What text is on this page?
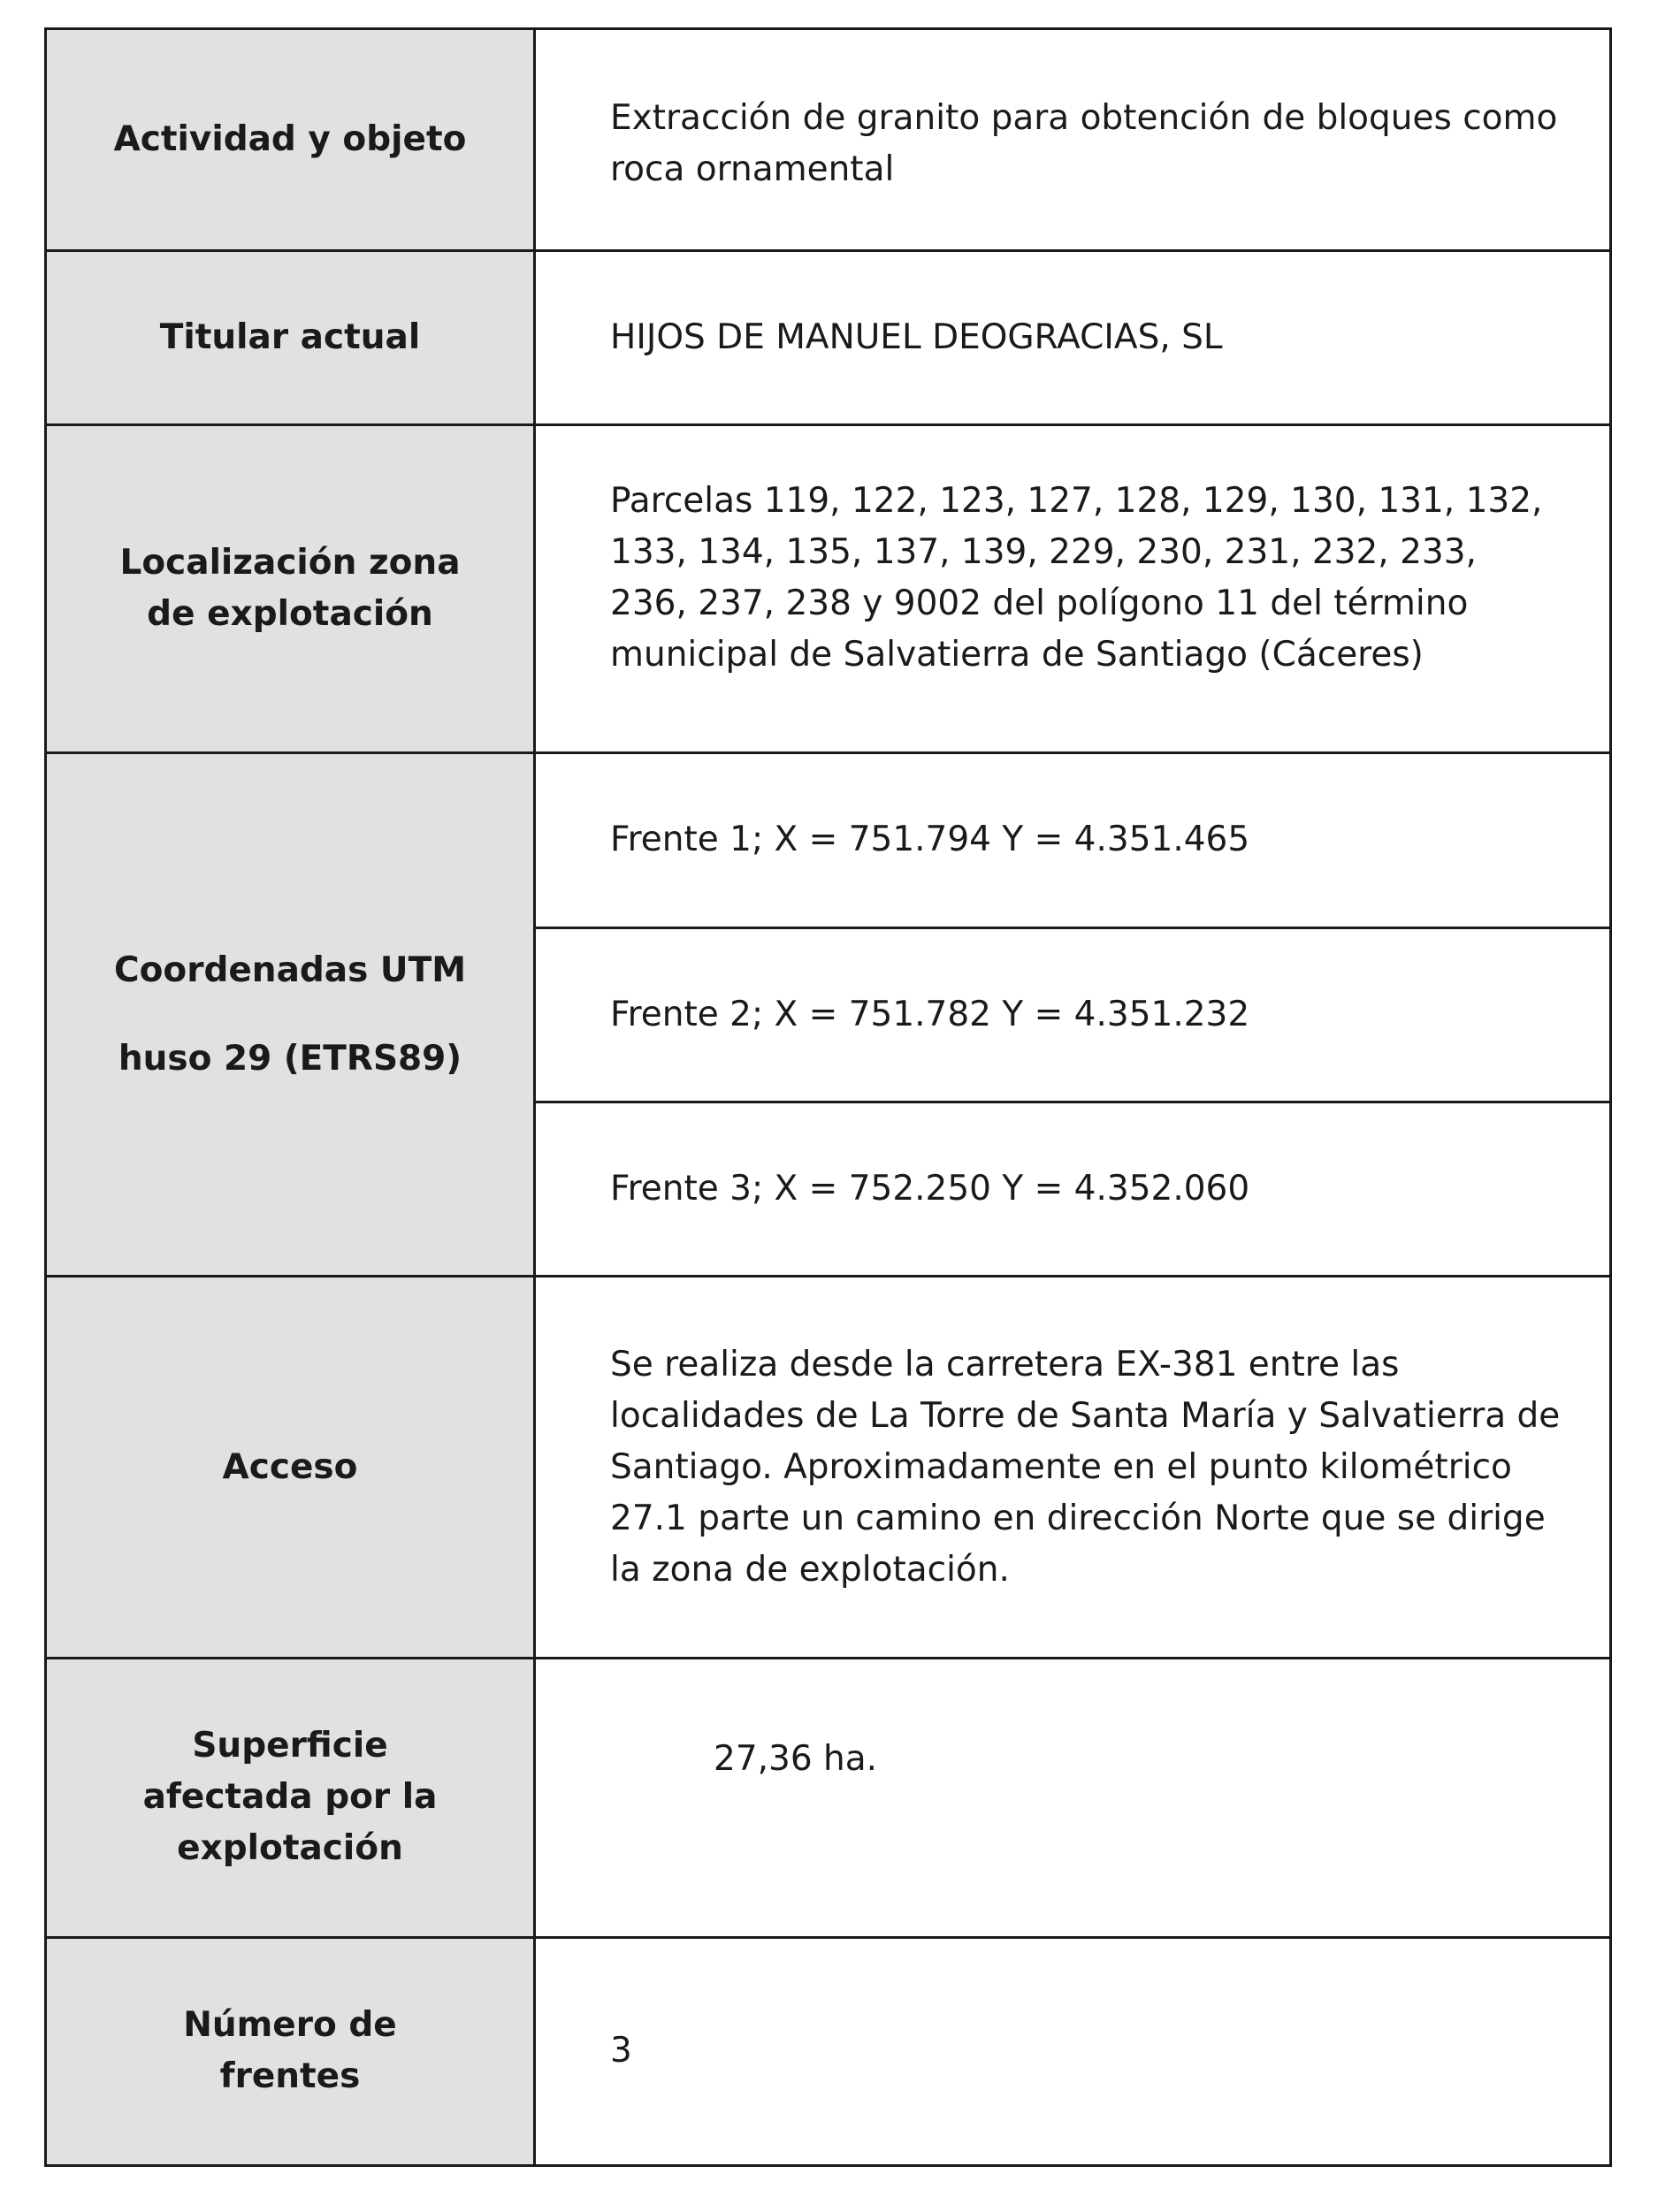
Actividad y objeto	Extracción de granito para obtención de bloques como
roca ornamental

Titular actual	HIJOS DE MANUEL DEOGRACIAS, SL

Localización zona
de explotación	Parcelas 119, 122, 123, 127, 128, 129, 130, 131, 132,
133, 134, 135, 137, 139, 229, 230, 231, 232, 233,
236, 237, 238 y 9002 del polígono 11 del término
municipal de Salvatierra de Santiago (Cáceres)

Coordenadas UTM
huso 29 (ETRS89)	Frente 1; X = 751.794 Y = 4.351.465

	Frente 2; X = 751.782 Y = 4.351.232

	Frente 3; X = 752.250 Y = 4.352.060

Acceso	Se realiza desde la carretera EX-381 entre las
localidades de La Torre de Santa María y Salvatierra de
Santiago. Aproximadamente en el punto kilométrico
27.1 parte un camino en dirección Norte que se dirige
la zona de explotación.

Superficie
afectada por la
explotación	27,36 ha.

Número de
frentes	3
